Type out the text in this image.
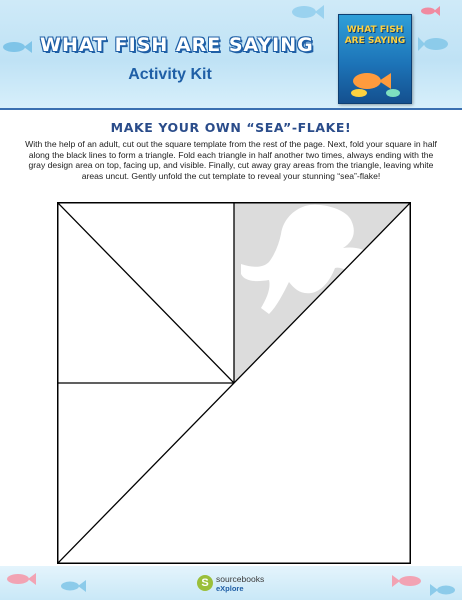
WHAT FISH ARE SAYING
Activity Kit
WHAT FISH ARE SAYING
MAKE YOUR OWN “SEA”-FLAKE!
With the help of an adult, cut out the square template from the rest of the page. Next, fold your square in half along the black lines to form a triangle. Fold each triangle in half another two times, always ending with the gray design area on top, facing up, and visible. Finally, cut away gray areas from the triangle, leaving white areas uncut. Gently unfold the cut template to reveal your stunning “sea”-flake!
S sourcebooks
eXplore
